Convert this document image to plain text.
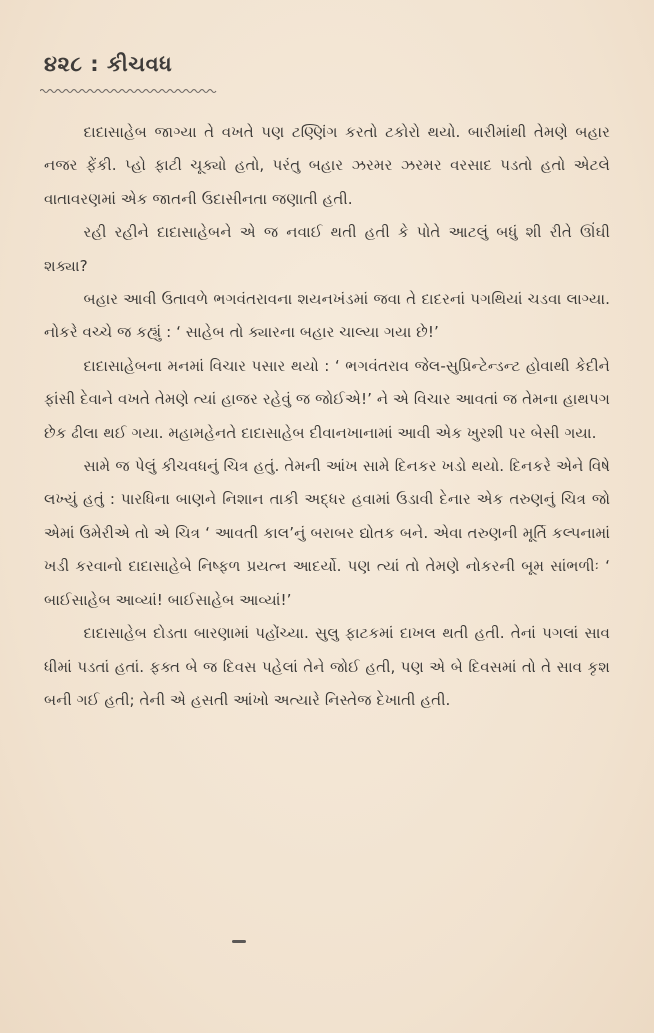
૪૨૮ : કીચવધ

દાદાસાહેબ જાગ્યા તે વખતે પણ ટણ્ણિંગ કરતો ટકોરો થયો. બારીમાંથી તેમણે બહાર નજર ફેંકી. પ્હો ફાટી ચૂક્યો હતો, પરંતુ બહાર ઝરમર ઝરમર વરસાદ પડતો હતો એટલે વાતાવરણમાં એક જાતની ઉદાસીનતા જણાતી હતી.

રહી રહીને દાદાસાહેબને એ જ નવાઈ થતી હતી કે પોતે આટલું બધું શી રીતે ઊંઘી શક્યા?

બહાર આવી ઉતાવળે ભગવંતરાવના શયનખંડમાં જવા તે દાદરનાં પગથિયાં ચડવા લાગ્યા. નોકરે વચ્ચે જ કહ્યું : ‘ સાહેબ તો ક્યારના બહાર ચાલ્યા ગયા છે!’

દાદાસાહેબના મનમાં વિચાર પસાર થયો : ‘ ભગવંતરાવ જેલ-સુપ્રિન્ટેન્ડન્ટ હોવાથી કેદીને ફાંસી દેવાને વખતે તેમણે ત્યાં હાજર રહેવું જ જોઈએ!’ ને એ વિચાર આવતાં જ તેમના હાથપગ છેક ઢીલા થઈ ગયા. મહામહેનતે દાદાસાહેબ દીવાનખાનામાં આવી એક ખુરશી પર બેસી ગયા.

સામે જ પેલું કીચવધનું ચિત્ર હતું. તેમની આંખ સામે દિનકર ખડો થયો. દિનકરે એને વિષે લખ્યું હતું : પારધિના બાણને નિશાન તાકી અદ્ધર હવામાં ઉડાવી દેનાર એક તરુણનું ચિત્ર જો એમાં ઉમેરીએ તો એ ચિત્ર ‘ આવતી કાલ’નું બરાબર દ્યોતક બને. એવા તરુણની મૂર્તિ કલ્પનામાં ખડી કરવાનો દાદાસાહેબે નિષ્ફળ પ્રયત્ન આદર્યો. પણ ત્યાં તો તેમણે નોકરની બૂમ સાંભળીઃ ‘ બાઈસાહેબ આવ્યાં! બાઈસાહેબ આવ્યાં!’

દાદાસાહેબ દોડતા બારણામાં પહોંચ્યા. સુલુ ફાટકમાં દાખલ થતી હતી. તેનાં પગલાં સાવ ધીમાં પડતાં હતાં. ફક્ત બે જ દિવસ પહેલાં તેને જોઈ હતી, પણ એ બે દિવસમાં તો તે સાવ કૃશ બની ગઈ હતી; તેની એ હસતી આંખો અત્યારે નિસ્તેજ દેખાતી હતી.
